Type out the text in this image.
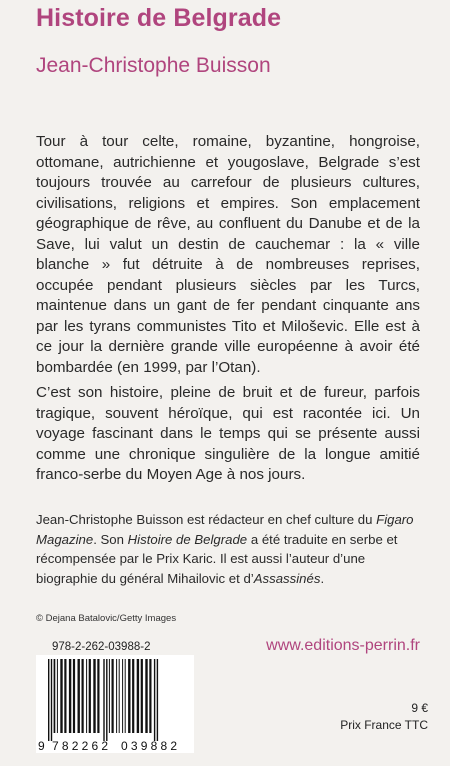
Histoire de Belgrade
Jean-Christophe Buisson

Tour à tour celte, romaine, byzantine, hongroise, ottomane, autrichienne et yougoslave, Belgrade s’est toujours trouvée au carrefour de plusieurs cultures, civilisations, religions et empires. Son emplacement géographique de rêve, au confluent du Danube et de la Save, lui valut un destin de cauchemar : la « ville blanche » fut détruite à de nombreuses reprises, occupée pendant plusieurs siècles par les Turcs, maintenue dans un gant de fer pendant cinquante ans par les tyrans communistes Tito et Miloševic. Elle est à ce jour la dernière grande ville européenne à avoir été bombardée (en 1999, par l’Otan).

C’est son histoire, pleine de bruit et de fureur, parfois tragique, souvent héroïque, qui est racontée ici. Un voyage fascinant dans le temps qui se présente aussi comme une chronique singulière de la longue amitié franco-serbe du Moyen Age à nos jours.

Jean-Christophe Buisson est rédacteur en chef culture du Figaro Magazine. Son Histoire de Belgrade a été traduite en serbe et récompensée par le Prix Karic. Il est aussi l’auteur d’une biographie du général Mihailovic et d’Assassinés.
© Dejana Batalovic/Getty Images
978-2-262-03988-2
9 782262 039882
www.editions-perrin.fr
9 €
Prix France TTC
